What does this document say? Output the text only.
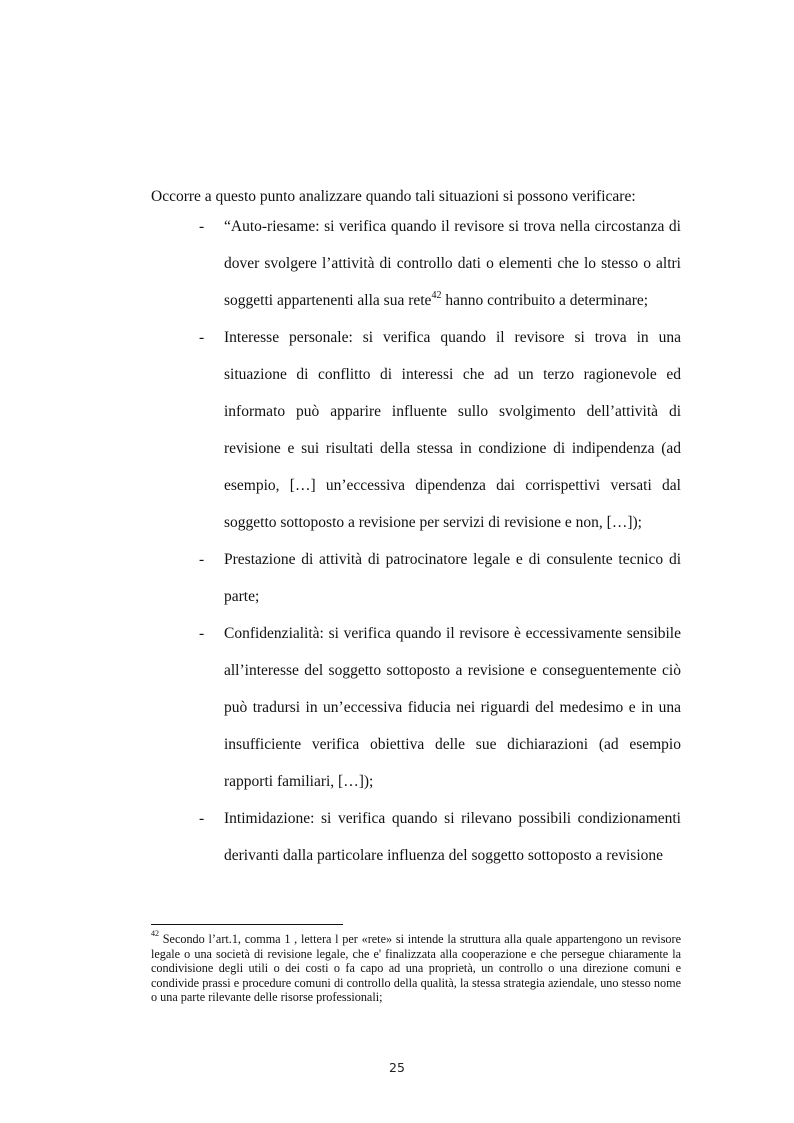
Occorre a questo punto analizzare quando tali situazioni si possono verificare:

- “Auto-riesame: si verifica quando il revisore si trova nella circostanza di dover svolgere l’attività di controllo dati o elementi che lo stesso o altri soggetti appartenenti alla sua rete$^{42}$ hanno contribuito a determinare;
- Interesse personale: si verifica quando il revisore si trova in una situazione di conflitto di interessi che ad un terzo ragionevole ed informato può apparire influente sullo svolgimento dell’attività di revisione e sui risultati della stessa in condizione di indipendenza (ad esempio, […] un’eccessiva dipendenza dai corrispettivi versati dal soggetto sottoposto a revisione per servizi di revisione e non, […]);
- Prestazione di attività di patrocinatore legale e di consulente tecnico di parte;
- Confidenzialità: si verifica quando il revisore è eccessivamente sensibile all’interesse del soggetto sottoposto a revisione e conseguentemente ciò può tradursi in un’eccessiva fiducia nei riguardi del medesimo e in una insufficiente verifica obiettiva delle sue dichiarazioni (ad esempio rapporti familiari, […]);
- Intimidazione: si verifica quando si rilevano possibili condizionamenti derivanti dalla particolare influenza del soggetto sottoposto a revisione
$^{42}$ Secondo l’art.1, comma 1 , lettera l per «rete» si intende la struttura alla quale appartengono un revisore legale o una società di revisione legale, che e' finalizzata alla cooperazione e che persegue chiaramente la condivisione degli utili o dei costi o fa capo ad una proprietà, un controllo o una direzione comuni e condivide prassi e procedure comuni di controllo della qualità, la stessa strategia aziendale, uno stesso nome o una parte rilevante delle risorse professionali;
25
